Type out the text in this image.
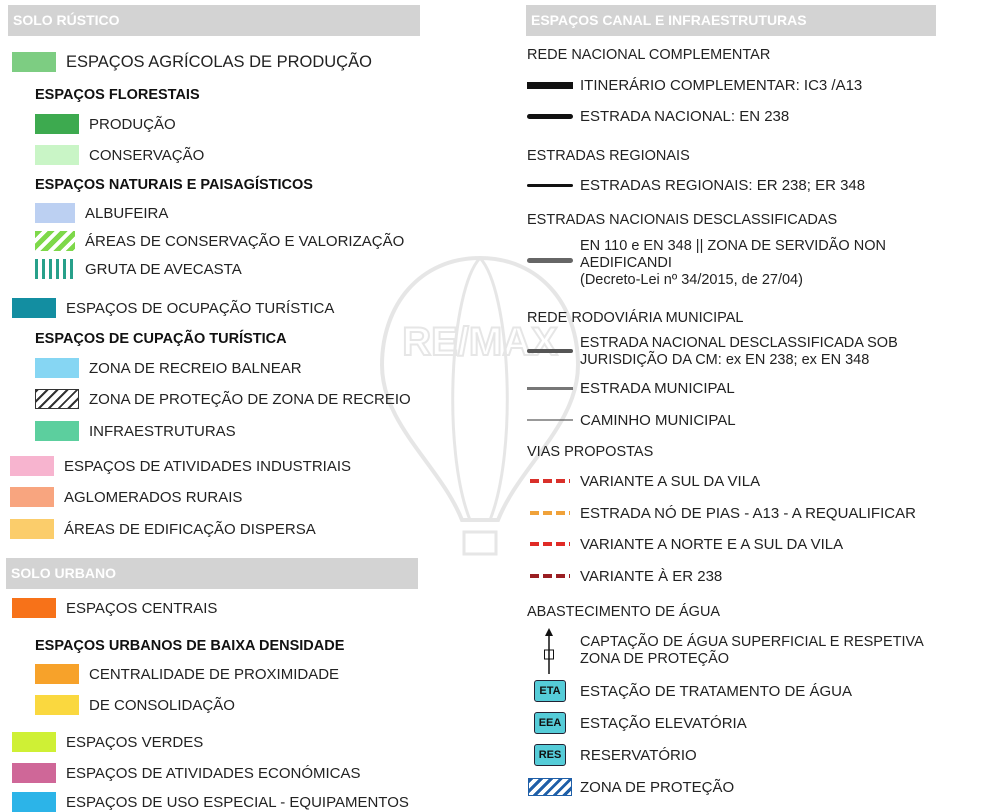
SOLO RÚSTICO
ESPAÇOS AGRÍCOLAS DE PRODUÇÃO
ESPAÇOS FLORESTAIS
PRODUÇÃO
CONSERVAÇÃO
ESPAÇOS NATURAIS E PAISAGÍSTICOS
ALBUFEIRA
ÁREAS DE CONSERVAÇÃO E VALORIZAÇÃO
GRUTA DE AVECASTA
ESPAÇOS DE OCUPAÇÃO TURÍSTICA
ESPAÇOS DE CUPAÇÃO TURÍSTICA
ZONA DE RECREIO BALNEAR
ZONA DE PROTEÇÃO DE ZONA DE RECREIO
INFRAESTRUTURAS
ESPAÇOS DE ATIVIDADES INDUSTRIAIS
AGLOMERADOS RURAIS
ÁREAS DE EDIFICAÇÃO DISPERSA
SOLO URBANO
ESPAÇOS CENTRAIS
ESPAÇOS URBANOS DE BAIXA DENSIDADE
CENTRALIDADE DE PROXIMIDADE
DE CONSOLIDAÇÃO
ESPAÇOS VERDES
ESPAÇOS DE ATIVIDADES ECONÓMICAS
ESPAÇOS DE USO ESPECIAL - EQUIPAMENTOS
ESPAÇOS CANAL E INFRAESTRUTURAS
REDE NACIONAL COMPLEMENTAR
ITINERÁRIO COMPLEMENTAR: IC3 /A13
ESTRADA NACIONAL: EN 238
ESTRADAS REGIONAIS
ESTRADAS REGIONAIS: ER 238; ER 348
ESTRADAS NACIONAIS DESCLASSIFICADAS
EN 110 e EN 348 || ZONA DE SERVIDÃO NON
AEDIFICANDI
(Decreto-Lei nº 34/2015, de 27/04)
REDE RODOVIÁRIA MUNICIPAL
ESTRADA NACIONAL DESCLASSIFICADA SOB
JURISDIÇÃO DA CM: ex EN 238; ex EN 348
ESTRADA MUNICIPAL
CAMINHO MUNICIPAL
VIAS PROPOSTAS
VARIANTE A SUL DA VILA
ESTRADA NÓ DE PIAS - A13 - A REQUALIFICAR
VARIANTE A NORTE E A SUL DA VILA
VARIANTE À ER 238
ABASTECIMENTO DE ÁGUA
CAPTAÇÃO DE ÁGUA SUPERFICIAL E RESPETIVA
ZONA DE PROTEÇÃO
ETA	ESTAÇÃO DE TRATAMENTO DE ÁGUA
EEA	ESTAÇÃO ELEVATÓRIA
RES	RESERVATÓRIO
ZONA DE PROTEÇÃO
RE/MAX
